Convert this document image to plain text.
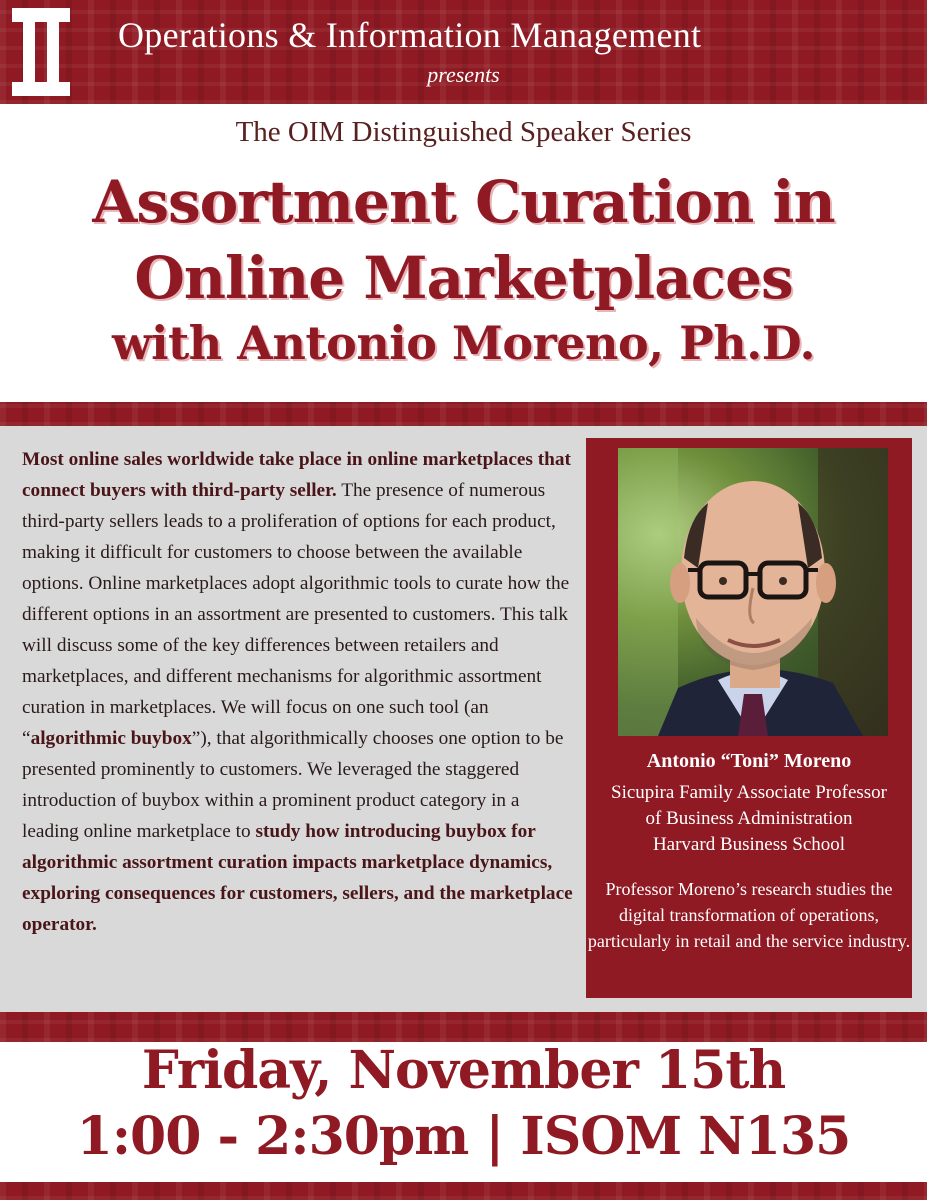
Operations & Information Management
presents
The OIM Distinguished Speaker Series
Assortment Curation in
Online Marketplaces
with Antonio Moreno, Ph.D.
Most online sales worldwide take place in online marketplaces that connect buyers with third-party seller. The presence of numerous third-party sellers leads to a proliferation of options for each product, making it difficult for customers to choose between the available options. Online marketplaces adopt algorithmic tools to curate how the different options in an assortment are presented to customers. This talk will discuss some of the key differences between retailers and marketplaces, and different mechanisms for algorithmic assortment curation in marketplaces. We will focus on one such tool (an “algorithmic buybox”), that algorithmically chooses one option to be presented prominently to customers. We leveraged the staggered introduction of buybox within a prominent product category in a leading online marketplace to study how introducing buybox for algorithmic assortment curation impacts marketplace dynamics, exploring consequences for customers, sellers, and the marketplace operator.
Antonio “Toni” Moreno
Sicupira Family Associate Professor
of Business Administration
Harvard Business School
Professor Moreno’s research studies the digital transformation of operations, particularly in retail and the service industry.
Friday, November 15th
1:00 - 2:30pm | ISOM N135
